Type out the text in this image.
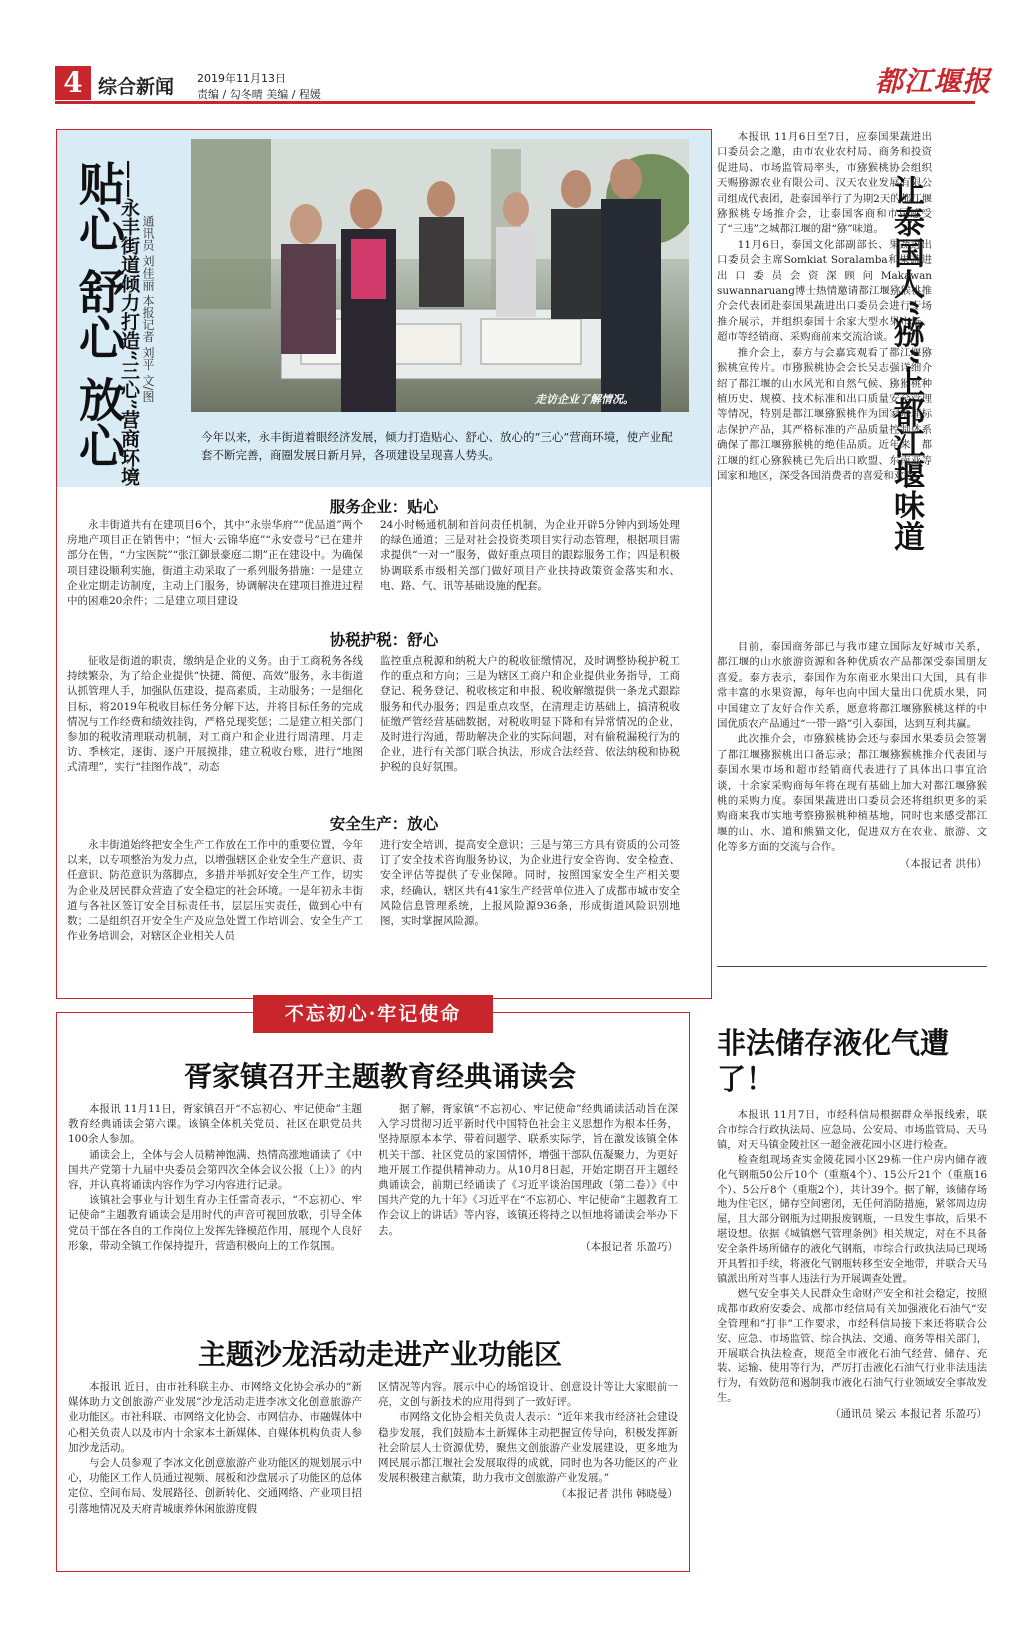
4 综合新闻 2019年11月13日
责编 / 勾冬晴 美编 / 程媛	都江堰报
贴心 舒心 放心
——永丰街道倾力打造“三心”营商环境 通讯员 刘佳丽 本报记者 刘平 文/图	走访企业了解情况。
今年以来，永丰街道着眼经济发展，倾力打造贴心、舒心、放心的“三心”营商环境，使产业配套不断完善，商圈发展日新月异，各项建设呈现喜人势头。
服务企业：贴心

永丰街道共有在建项目6个，其中“永崇华府”“优品道”两个房地产项目正在销售中；“恒大·云锦华庭”“永安壹号”已在建并部分在售，“力宝医院”“张江御景豪庭二期”正在建设中。为确保项目建设顺利实施，街道主动采取了一系列服务措施：一是建立企业定期走访制度，主动上门服务，协调解决在建项目推进过程中的困难20余件；二是建立项目建设

24小时畅通机制和首问责任机制，为企业开辟5分钟内到场处理的绿色通道；三是对社会投资类项目实行动态管理，根据项目需求提供“一对一”服务，做好重点项目的跟踪服务工作；四是积极协调联系市级相关部门做好项目产业扶持政策资金落实和水、电、路、气、讯等基础设施的配套。

协税护税：舒心

征收是街道的职责，缴纳是企业的义务。由于工商税务各线持续繁杂，为了给企业提供“快捷、简便、高效”服务，永丰街道认抓管理人手，加强队伍建设，提高素质，主动服务；一是细化目标，将2019年税收目标任务分解下达，并将目标任务的完成情况与工作经费和绩效挂钩，严格兑现奖惩；二是建立相关部门参加的税收清理联动机制，对工商户和企业进行周清理、月走访、季核定，逐街、逐户开展摸排，建立税收台账，进行“地图式清理”，实行“挂图作战”，动态

监控重点税源和纳税大户的税收征缴情况，及时调整协税护税工作的重点和方向；三是为辖区工商户和企业提供业务指导，工商登记、税务登记、税收核定和申报、税收解缴提供一条龙式跟踪服务和代办服务；四是重点攻坚，在清理走访基础上，搞清税收征缴严管经营基础数据，对税收明显下降和有异常情况的企业，及时进行沟通，帮助解决企业的实际问题，对有偷税漏税行为的企业，进行有关部门联合执法，形成合法经营、依法纳税和协税护税的良好氛围。

安全生产：放心

永丰街道始终把安全生产工作放在工作中的重要位置，今年以来，以专项整治为发力点，以增强辖区企业安全生产意识、责任意识、防范意识为落脚点，多措并举抓好安全生产工作，切实为企业及居民群众营造了安全稳定的社会环境。一是年初永丰街道与各社区签订安全目标责任书，层层压实责任，做到心中有数；二是组织召开安全生产及应急处置工作培训会、安全生产工作业务培训会，对辖区企业相关人员

进行安全培训，提高安全意识；三是与第三方具有资质的公司签订了安全技术咨询服务协议，为企业进行安全咨询、安全检查、安全评估等提供了专业保障。同时，按照国家安全生产相关要求，经确认，辖区共有41家生产经营单位进入了成都市城市安全风险信息管理系统，上报风险源936条，形成街道风险识别地图，实时掌握风险源。

让泰国人“猕”上都江堰味道

本报讯 11月6日至7日，应泰国果蔬进出口委员会之邀，由市农业农村局、商务和投资促进局、市场监管局率头，市猕猴桃协会组织天赐猕源农业有限公司、汉天农业发展有限公司组成代表团，赴泰国举行了为期2天的都江堰猕猴桃专场推介会，让泰国客商和市民感受了“三违”之城都江堰的甜“猕”味道。

11月6日，泰国文化部副部长、果蔬进出口委员会主席Somkiat Soralamba和果蔬进出口委员会资深顾问Makawan suwannaruang博士热情邀请都江堰猕猴桃推介会代表团赴泰国果蔬进出口委员会进行专场推介展示，并组织泰国十余家大型水果市场、超市等经销商、采购商前来交流洽谈。

推介会上，泰方与会嘉宾观看了都江堰猕猴桃宣传片。市猕猴桃协会会长吴志强详细介绍了都江堰的山水风光和自然气候、猕猴桃种植历史、规模、技术标准和出口质量安全管理等情况，特别是都江堰猕猴桃作为国家地理标志保护产品，其严格标准的产品质量控制体系确保了都江堰猕猴桃的绝佳品质。近年来，都江堰的红心猕猴桃已先后出口欧盟、东南亚等国家和地区，深受各国消费者的喜爱和欢迎。

目前，泰国商务部已与我市建立国际友好城市关系，都江堰的山水旅游资源和各种优质农产品都深受泰国朋友喜爱。泰方表示，泰国作为东南亚水果出口大国，具有非常丰富的水果资源，每年也向中国大量出口优质水果，同中国建立了友好合作关系，愿意将都江堰猕猴桃这样的中国优质农产品通过“一带一路”引入泰国，达到互利共赢。

此次推介会，市猕猴桃协会还与泰国水果委员会签署了都江堰猕猴桃出口备忘录；都江堰猕猴桃推介代表团与泰国水果市场和超市经销商代表进行了具体出口事宜洽谈，十余家采购商每年将在现有基础上加大对都江堰猕猴桃的采购力度。泰国果蔬进出口委员会还将组织更多的采购商来我市实地考察猕猴桃种植基地，同时也来感受都江堰的山、水、道和熊猫文化，促进双方在农业、旅游、文化等多方面的交流与合作。

（本报记者 洪伟）

不忘初心·牢记使命
胥家镇召开主题教育经典诵读会

本报讯 11月11日，胥家镇召开“不忘初心、牢记使命”主题教育经典诵读会第六课。该镇全体机关党员、社区在职党员共100余人参加。

诵读会上，全体与会人员精神饱满、热情高涨地诵读了《中国共产党第十九届中央委员会第四次全体会议公报（上）》的内容，并认真将诵读内容作为学习内容进行记录。

该镇社会事业与计划生育办主任雷奇表示，“不忘初心、牢记使命”主题教育诵读会是用时代的声音可视回放歌，引导全体党员干部在各自的工作岗位上发挥先锋模范作用，展现个人良好形象，带动全镇工作保持提升，营造积极向上的工作氛围。

据了解，胥家镇“不忘初心、牢记使命”经典诵读活动旨在深入学习贯彻习近平新时代中国特色社会主义思想作为根本任务，坚持原原本本学、带着问题学、联系实际学，旨在激发该镇全体机关干部、社区党员的家国情怀，增强干部队伍凝聚力，为更好地开展工作提供精神动力。从10月8日起，开始定期召开主题经典诵读会，前期已经诵读了《习近平谈治国理政（第二卷）》《中国共产党的九十年》《习近平在“不忘初心、牢记使命”主题教育工作会议上的讲话》等内容，该镇还将持之以恒地将诵读会举办下去。

（本报记者 乐盈巧）

主题沙龙活动走进产业功能区

本报讯 近日，由市社科联主办、市网络文化协会承办的“新媒体助力文创旅游产业发展”沙龙活动走进李冰文化创意旅游产业功能区。市社科联、市网络文化协会、市网信办、市融媒体中心相关负责人以及市内十余家本土新媒体、自媒体机构负责人参加沙龙活动。

与会人员参观了李冰文化创意旅游产业功能区的规划展示中心，功能区工作人员通过视频、展板和沙盘展示了功能区的总体定位、空间布局、发展路径、创新转化、交通网络、产业项目招引落地情况及天府青城康养休闲旅游度假

区情况等内容。展示中心的场馆设计、创意设计等让大家眼前一亮，文创与新技术的应用得到了一致好评。

市网络文化协会相关负责人表示：“近年来我市经济社会建设稳步发展，我们鼓励本土新媒体主动把握宣传导向，积极发挥新社会阶层人士资源优势，聚焦文创旅游产业发展建设，更多地为网民展示都江堰社会发展取得的成就，同时也为各功能区的产业发展积极建言献策，助力我市文创旅游产业发展。”

（本报记者 洪伟 韩晓曼）

非法储存液化气遭了！

本报讯 11月7日，市经科信局根据群众举报线索，联合市综合行政执法局、应急局、公安局、市场监管局、天马镇，对天马镇金陵社区一超金液花园小区进行检查。

检查组现场查实金陵花园小区29栋一住户房内储存液化气钢瓶50公斤10个（重瓶4个）、15公斤21个（重瓶16个）、5公斤8个（重瓶2个），共计39个。据了解，该储存场地为住宅区，储存空间密闭，无任何消防措施，紧邻周边房屋，且大部分钢瓶为过期报废钢瓶，一旦发生事故，后果不堪设想。依据《城镇燃气管理条例》相关规定，对在不具备安全条件场所储存的液化气钢瓶，市综合行政执法局已现场开具暂扣手续，将液化气钢瓶转移至安全地带，并联合天马镇派出所对当事人违法行为开展调查处置。

燃气安全事关人民群众生命财产安全和社会稳定，按照成都市政府安委会、成都市经信局有关加强液化石油气“安全管理和”打非”工作要求，市经科信局接下来还将联合公安、应急、市场监管、综合执法、交通、商务等相关部门，开展联合执法检查，规范全市液化石油气经营、储存、充装、运输、使用等行为，严厉打击液化石油气行业非法违法行为，有效防范和遏制我市液化石油气行业领域安全事故发生。

（通讯员 梁云 本报记者 乐盈巧）
